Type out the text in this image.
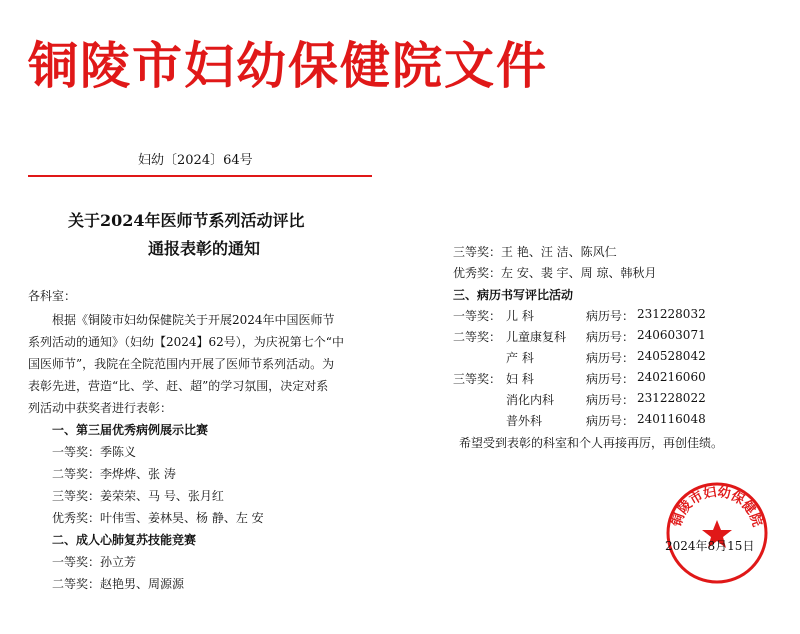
铜陵市妇幼保健院文件
妇幼〔2024〕64号
关于2024年医师节系列活动评比
通报表彰的通知
各科室：
根据《铜陵市妇幼保健院关于开展2024年中国医师节
系列活动的通知》（妇幼【2024】62号），为庆祝第七个“中
国医师节”，我院在全院范围内开展了医师节系列活动。为
表彰先进，营造“比、学、赶、超”的学习氛围，决定对系
列活动中获奖者进行表彰：
一、第三届优秀病例展示比赛
一等奖：季陈义
二等奖：李烨烨、张 涛
三等奖：姜荣荣、马 号、张月红
优秀奖：叶伟雪、姜林昊、杨 静、左 安
二、成人心肺复苏技能竞赛
一等奖：孙立芳
二等奖：赵艳男、周源源
三等奖：王 艳、汪 洁、陈风仁
优秀奖：左 安、裴 宇、周 琼、韩秋月
三、病历书写评比活动
一等奖： 儿 科	病历号： 231228032
二等奖： 儿童康复科 病历号： 240603071
产 科	病历号： 240528042
三等奖： 妇 科	病历号： 240216060
消化内科	病历号： 231228022
普外科	病历号： 240116048
希望受到表彰的科室和个人再接再厉，再创佳绩。
铜陵市妇幼保健院
2024年8月15日
